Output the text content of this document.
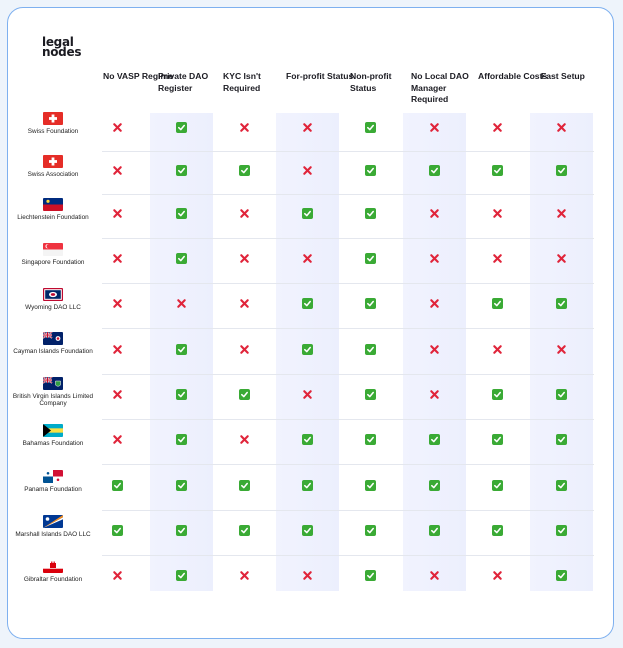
legal
nodes
No VASP Regime
Private DAO Register
KYC Isn't Required
For-profit Status
Non-profit Status
No Local DAO Manager Required
Affordable Costs
Fast Setup
Swiss Foundation
Swiss Association
Liechtenstein Foundation
Singapore Foundation
Wyoming DAO LLC
Cayman Islands Foundation
British Virgin Islands Limited Company
Bahamas Foundation
Panama Foundation
Marshall Islands DAO LLC
Gibraltar Foundation
